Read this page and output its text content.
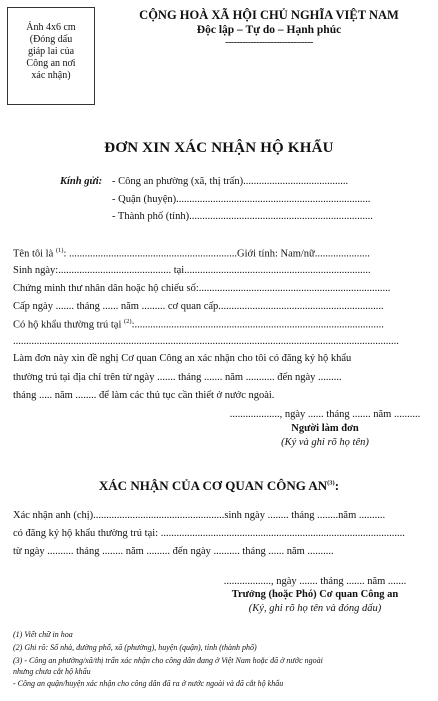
Ảnh 4x6 cm
(Đóng dấu
giáp lai của
Công an nơi
xác nhận)
CỘNG HOÀ XÃ HỘI CHỦ NGHĨA VIỆT NAM
Độc lập – Tự do – Hạnh phúc
-------------------------------
ĐƠN XIN XÁC NHẬN HỘ KHẨU
Kính gửi: - Công an phường (xã, thị trấn)........................................
- Quận (huyện)..........................................................................
- Thành phố (tỉnh)......................................................................
Tên tôi là $^{(1)}$: ................................................................Giới tính: Nam/nữ.....................
Sinh ngày:........................................... tại.......................................................................
Chứng minh thư nhân dân hoặc hộ chiếu số:.........................................................................
Cấp ngày ....... tháng ...... năm ......... cơ quan cấp...............................................................
Có hộ khẩu thường trú tại $^{(2)}$:...............................................................................................
...................................................................................................................................................
Làm đơn này xin đề nghị Cơ quan Công an xác nhận cho tôi có đăng ký hộ khẩu
thường trú tại địa chỉ trên từ ngày ....... tháng ....... năm ........... đến ngày .........
tháng ..... năm ........ để làm các thủ tục cần thiết ở nước ngoài.
..................., ngày ...... tháng ....... năm ..........
Người làm đơn
(Ký và ghi rõ họ tên)
XÁC NHẬN CỦA CƠ QUAN CÔNG AN$^{(3)}$:
Xác nhận anh (chị)..................................................sinh ngày ........ tháng ........năm ..........
có đăng ký hộ khẩu thường trú tại: .............................................................................................
từ ngày .......... tháng ........ năm ......... đến ngày .......... tháng ...... năm ..........
.................., ngày ....... tháng ....... năm .......
Trưởng (hoặc Phó) Cơ quan Công an
(Ký, ghi rõ họ tên và đóng dấu)
(1) Viết chữ in hoa
(2) Ghi rõ: Số nhà, đường phố, xã (phường), huyện (quận), tỉnh (thành phố)
(3) - Công an phường/xã/thị trấn xác nhận cho công dân đang ở Việt Nam hoặc đã ở nước ngoài
nhưng chưa cắt hộ khẩu
- Công an quận/huyện xác nhận cho công dân đã ra ở nước ngoài và đã cắt hộ khẩu
